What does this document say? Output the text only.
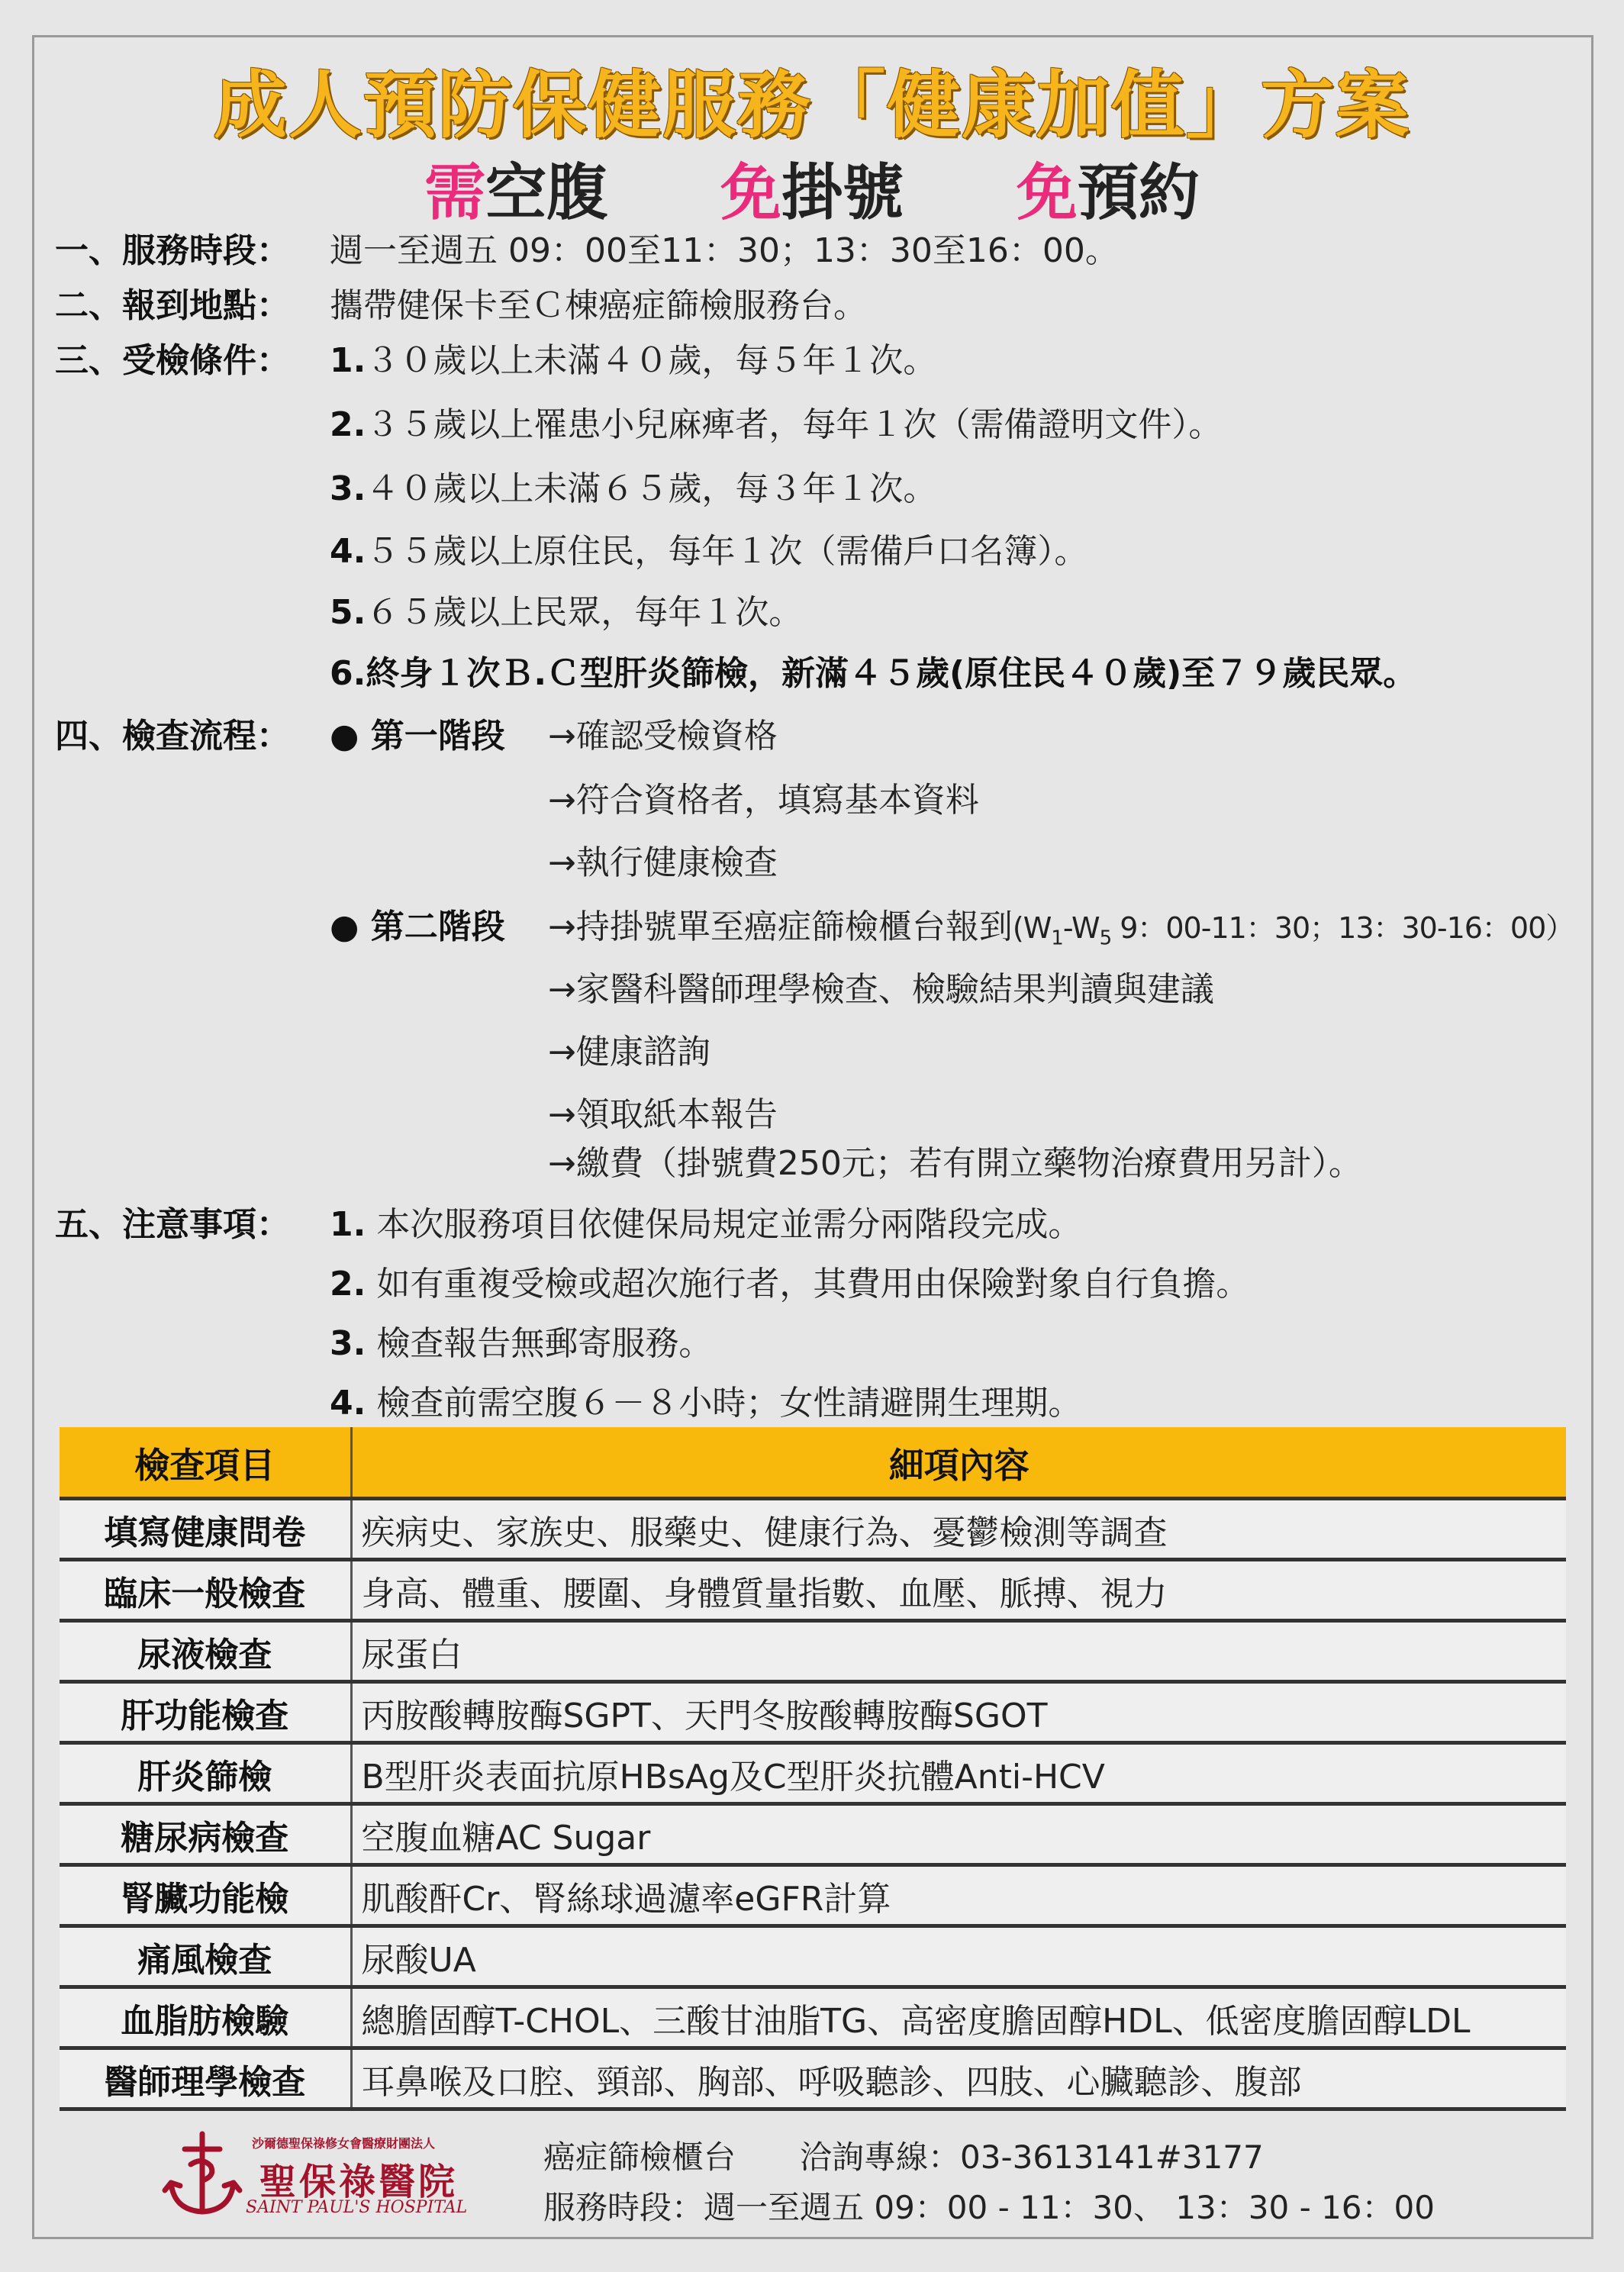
成人預防保健服務「健康加值」方案
需空腹 免掛號 免預約
一、服務時段： 週一至週五 09：00至11：30；13：30至16：00。
二、報到地點： 攜帶健保卡至Ｃ棟癌症篩檢服務台。
三、受檢條件： 1.３０歲以上未滿４０歲，每５年１次。
2.３５歲以上罹患小兒麻痺者，每年１次（需備證明文件）。
3.４０歲以上未滿６５歲，每３年１次。
4.５５歲以上原住民，每年１次（需備戶口名簿）。
5.６５歲以上民眾，每年１次。
6.終身１次Ｂ.Ｃ型肝炎篩檢，新滿４５歲(原住民４０歲)至７９歲民眾。
四、檢查流程： ● 第一階段 →確認受檢資格
→符合資格者，填寫基本資料
→執行健康檢查
● 第二階段 →持掛號單至癌症篩檢櫃台報到($W_1-W_5$ 9：00-11：30；13：30-16：00）
→家醫科醫師理學檢查、檢驗結果判讀與建議
→健康諮詢
→領取紙本報告
→繳費（掛號費250元；若有開立藥物治療費用另計）。
五、注意事項： 1. 本次服務項目依健保局規定並需分兩階段完成。
2. 如有重複受檢或超次施行者，其費用由保險對象自行負擔。
3. 檢查報告無郵寄服務。
4. 檢查前需空腹６－８小時；女性請避開生理期。
檢查項目	細項內容
填寫健康問卷	疾病史、家族史、服藥史、健康行為、憂鬱檢測等調查
臨床一般檢查	身高、體重、腰圍、身體質量指數、血壓、脈搏、視力
尿液檢查	尿蛋白
肝功能檢查	丙胺酸轉胺酶SGPT、天門冬胺酸轉胺酶SGOT
肝炎篩檢	B型肝炎表面抗原HBsAg及C型肝炎抗體Anti-HCV
糖尿病檢查	空腹血糖AC Sugar
腎臟功能檢	肌酸酐Cr、腎絲球過濾率eGFR計算
痛風檢查	尿酸UA
血脂肪檢驗	總膽固醇T-CHOL、三酸甘油脂TG、高密度膽固醇HDL、低密度膽固醇LDL
醫師理學檢查	耳鼻喉及口腔、頸部、胸部、呼吸聽診、四肢、心臟聽診、腹部
沙爾德聖保祿修女會醫療財團法人
聖保祿醫院
SAINT PAUL'S HOSPITAL
癌症篩檢櫃台　　洽詢專線：03-3613141#3177
服務時段：週一至週五 09：00 - 11：30、 13：30 - 16：00
